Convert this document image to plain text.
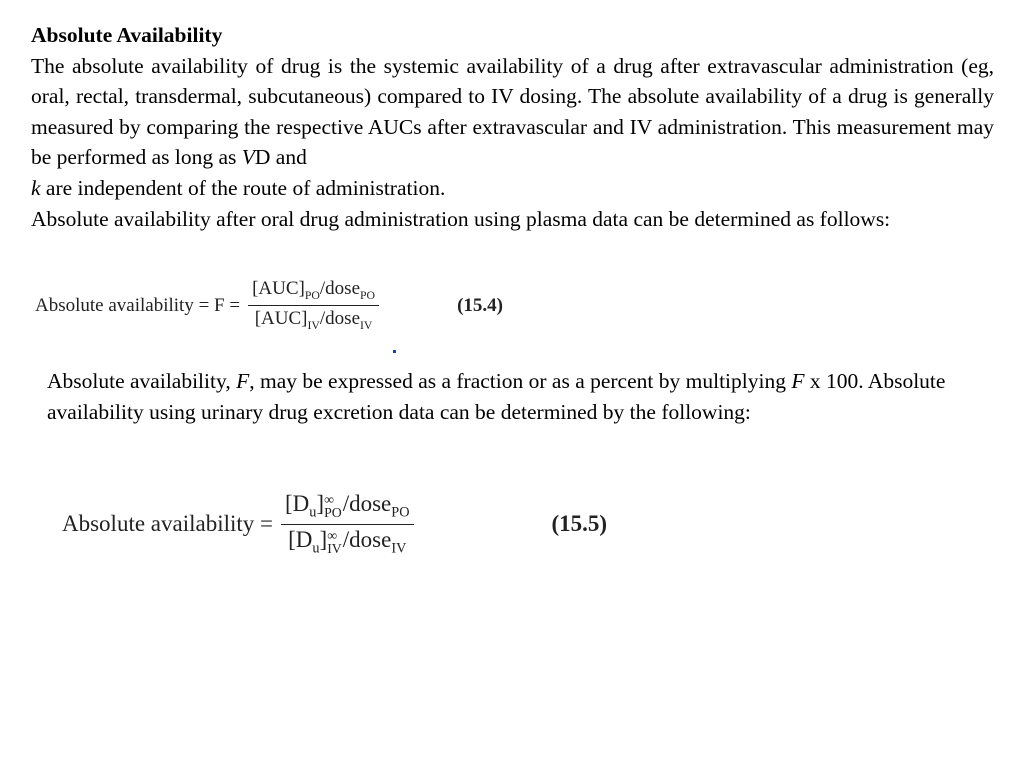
Absolute Availability

The absolute availability of drug is the systemic availability of a drug after extravascular administration (eg, oral, rectal, transdermal, subcutaneous) compared to IV dosing. The absolute availability of a drug is generally measured by comparing the respective AUCs after extravascular and IV administration. This measurement may be performed as long as VD and
k are independent of the route of administration.

Absolute availability after oral drug administration using plasma data can be determined as follows:

Absolute availability = $F = \frac{[AUC]_{PO}/dose_{PO}}{[AUC]_{IV}/dose_{IV}}$	(15.4)

Absolute availability, F, may be expressed as a fraction or as a percent by multiplying F x 100. Absolute availability using urinary drug excretion data can be determined by the following:

Absolute availability = $[D_u]$ ∞
PO /dose$_{PO}$
$[D_u]$ ∞
IV /dose$_{IV}$	(15.5)
